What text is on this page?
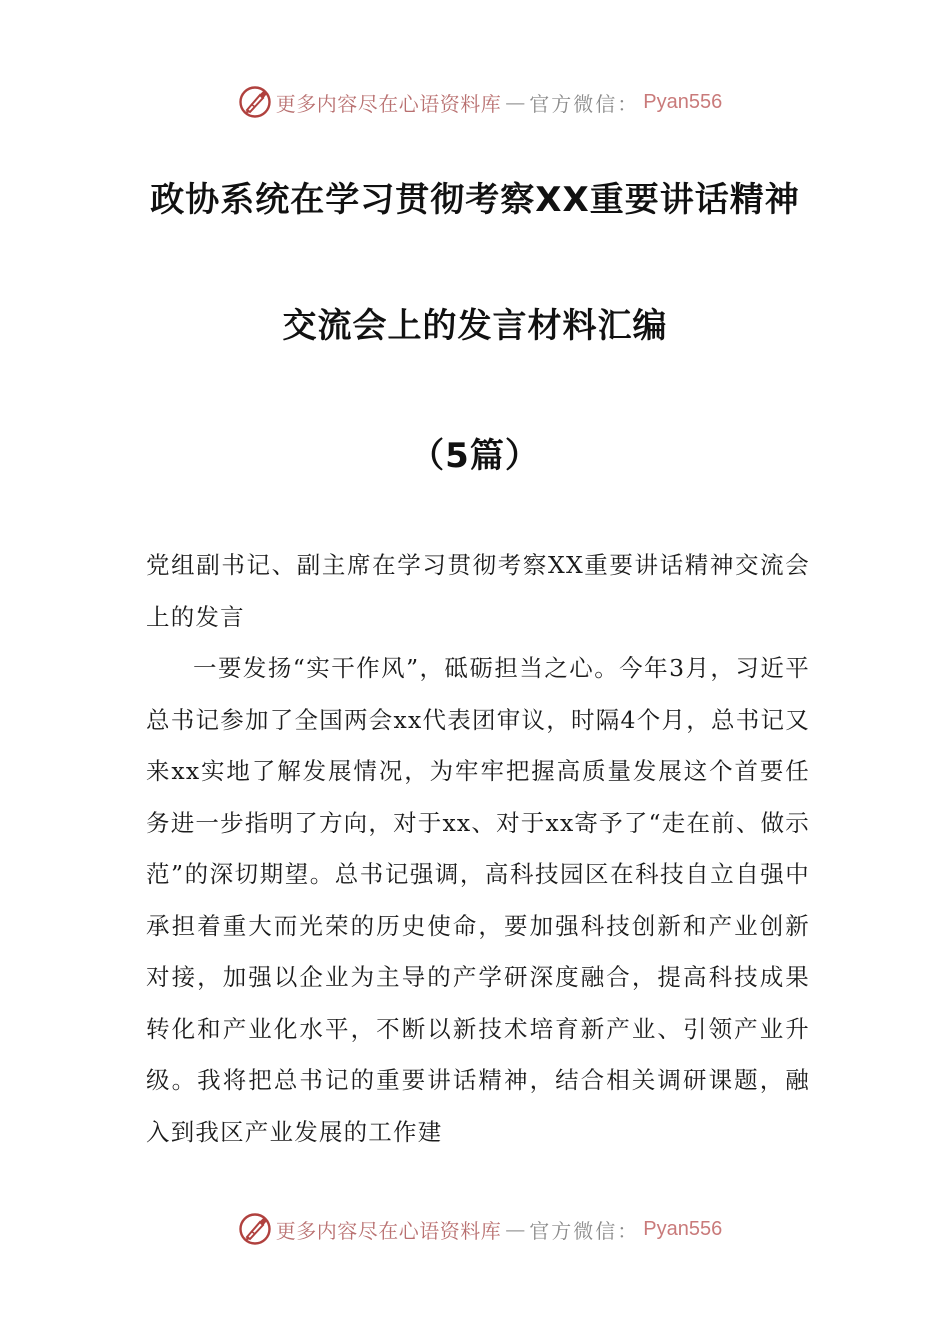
更多内容尽在心语资料库 — 官方微信： Pyan556
政协系统在学习贯彻考察XX重要讲话精神
交流会上的发言材料汇编
（5篇）

党组副书记、副主席在学习贯彻考察XX重要讲话精神交流会上的发言

一要发扬“实干作风”，砥砺担当之心。今年3月，习近平总书记参加了全国两会xx代表团审议，时隔4个月，总书记又来xx实地了解发展情况，为牢牢把握高质量发展这个首要任务进一步指明了方向，对于xx、对于xx寄予了“走在前、做示范”的深切期望。总书记强调，高科技园区在科技自立自强中承担着重大而光荣的历史使命，要加强科技创新和产业创新对接，加强以企业为主导的产学研深度融合，提高科技成果转化和产业化水平，不断以新技术培育新产业、引领产业升级。我将把总书记的重要讲话精神，结合相关调研课题，融入到我区产业发展的工作建

更多内容尽在心语资料库 — 官方微信： Pyan556
